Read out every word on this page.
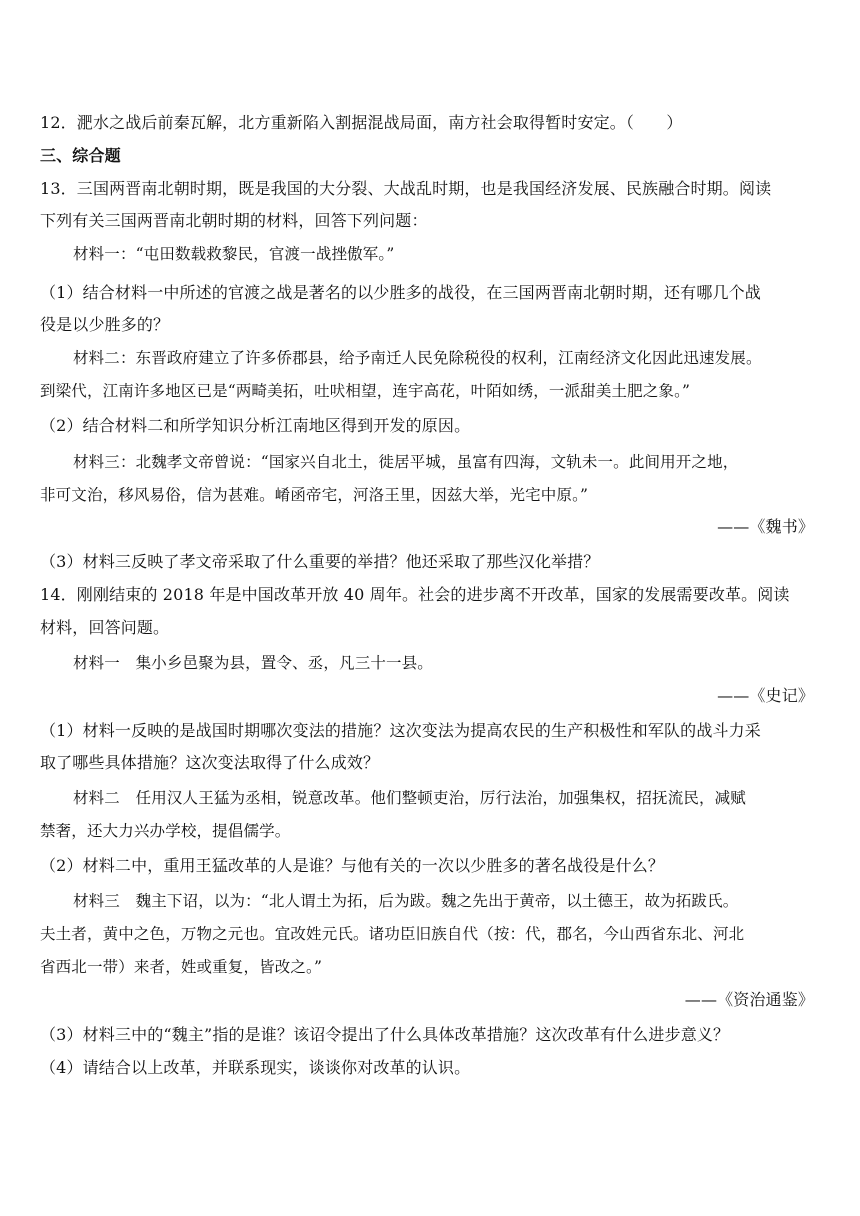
12．淝水之战后前秦瓦解，北方重新陷入割据混战局面，南方社会取得暂时安定。（　　）
三、综合题
13．三国两晋南北朝时期，既是我国的大分裂、大战乱时期，也是我国经济发展、民族融合时期。阅读
下列有关三国两晋南北朝时期的材料，回答下列问题：
材料一：“屯田数载救黎民，官渡一战挫傲军。”
（1）结合材料一中所述的官渡之战是著名的以少胜多的战役，在三国两晋南北朝时期，还有哪几个战
役是以少胜多的？
材料二：东晋政府建立了许多侨郡县，给予南迁人民免除税役的权利，江南经济文化因此迅速发展。
到梁代，江南许多地区已是“两畸美拓，吐吠相望，连宇高花，叶陌如绣，一派甜美土肥之象。”
（2）结合材料二和所学知识分析江南地区得到开发的原因。
材料三：北魏孝文帝曾说：“国家兴自北土，徙居平城，虽富有四海，文轨未一。此间用开之地，
非可文治，移风易俗，信为甚难。崤函帝宅，河洛王里，因兹大举，光宅中原。”
——《魏书》
（3）材料三反映了孝文帝采取了什么重要的举措？他还采取了那些汉化举措？
14．刚刚结束的 2018 年是中国改革开放 40 周年。社会的进步离不开改革，国家的发展需要改革。阅读
材料，回答问题。
材料一　集小乡邑聚为县，置令、丞，凡三十一县。
——《史记》
（1）材料一反映的是战国时期哪次变法的措施？这次变法为提高农民的生产积极性和军队的战斗力采
取了哪些具体措施？这次变法取得了什么成效？
材料二　任用汉人王猛为丞相，锐意改革。他们整顿吏治，厉行法治，加强集权，招抚流民，减赋
禁奢，还大力兴办学校，提倡儒学。
（2）材料二中，重用王猛改革的人是谁？与他有关的一次以少胜多的著名战役是什么？
材料三　魏主下诏，以为：“北人谓土为拓，后为跋。魏之先出于黄帝，以土德王，故为拓跋氏。
夫土者，黄中之色，万物之元也。宜改姓元氏。诸功臣旧族自代（按：代，郡名，今山西省东北、河北
省西北一带）来者，姓或重复，皆改之。”
——《资治通鉴》
（3）材料三中的“魏主”指的是谁？该诏令提出了什么具体改革措施？这次改革有什么进步意义？
（4）请结合以上改革，并联系现实，谈谈你对改革的认识。
